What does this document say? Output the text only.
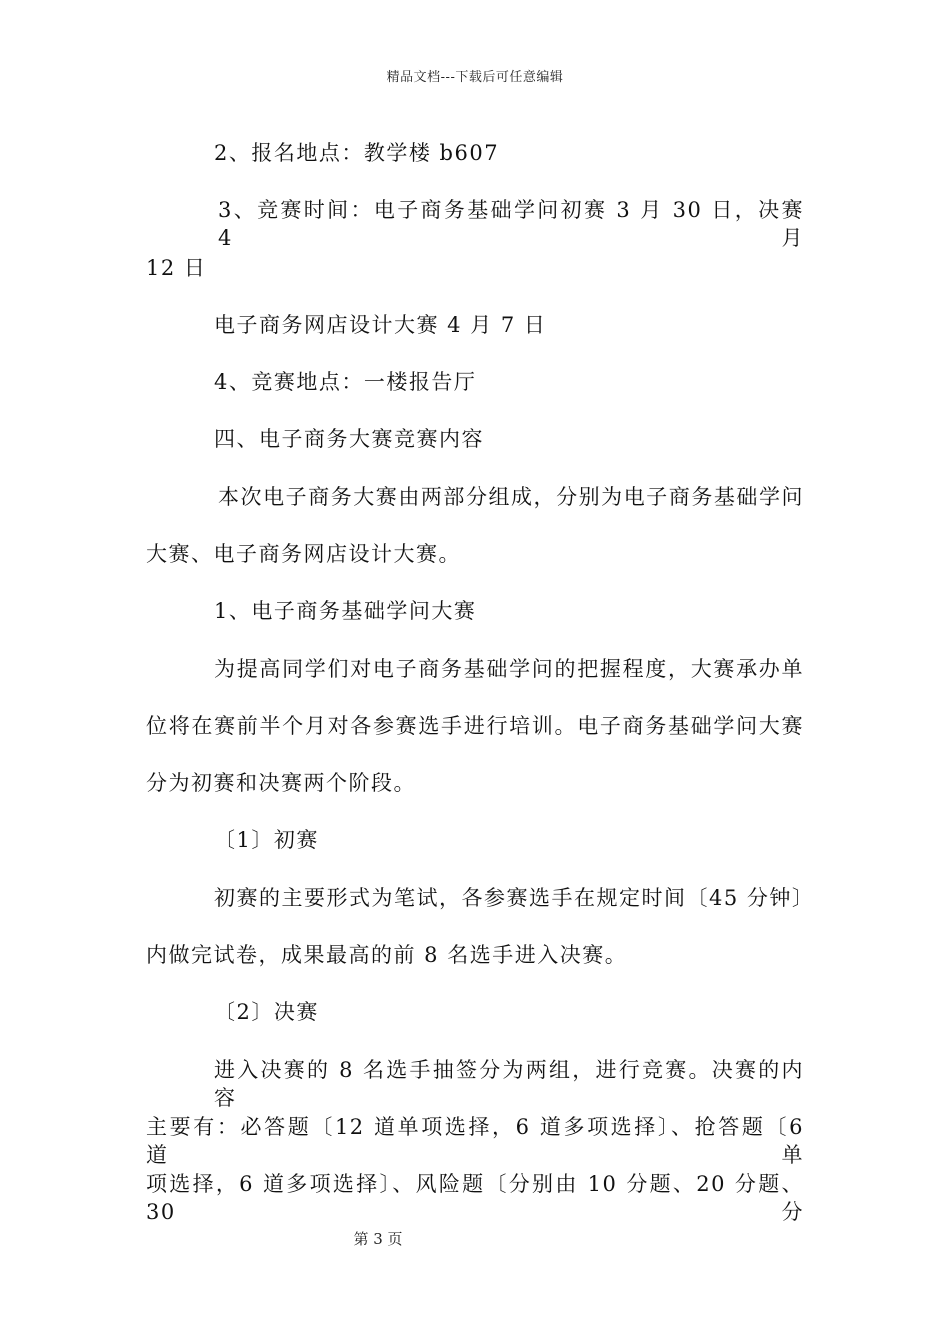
精品文档---下载后可任意编辑
2、报名地点：教学楼 b607
3、竞赛时间：电子商务基础学问初赛 3 月 30 日，决赛 4 月
12 日
电子商务网店设计大赛 4 月 7 日
4、竞赛地点：一楼报告厅
四、电子商务大赛竞赛内容
本次电子商务大赛由两部分组成，分别为电子商务基础学问
大赛、电子商务网店设计大赛。
1、电子商务基础学问大赛
为提高同学们对电子商务基础学问的把握程度，大赛承办单
位将在赛前半个月对各参赛选手进行培训。电子商务基础学问大赛
分为初赛和决赛两个阶段。
〔1〕初赛
初赛的主要形式为笔试，各参赛选手在规定时间〔45 分钟〕
内做完试卷，成果最高的前 8 名选手进入决赛。
〔2〕决赛
进入决赛的 8 名选手抽签分为两组，进行竞赛。决赛的内容
主要有：必答题〔12 道单项选择，6 道多项选择〕、抢答题〔6 道单
项选择，6 道多项选择〕、风险题〔分别由 10 分题、20 分题、30 分
第 3 页
